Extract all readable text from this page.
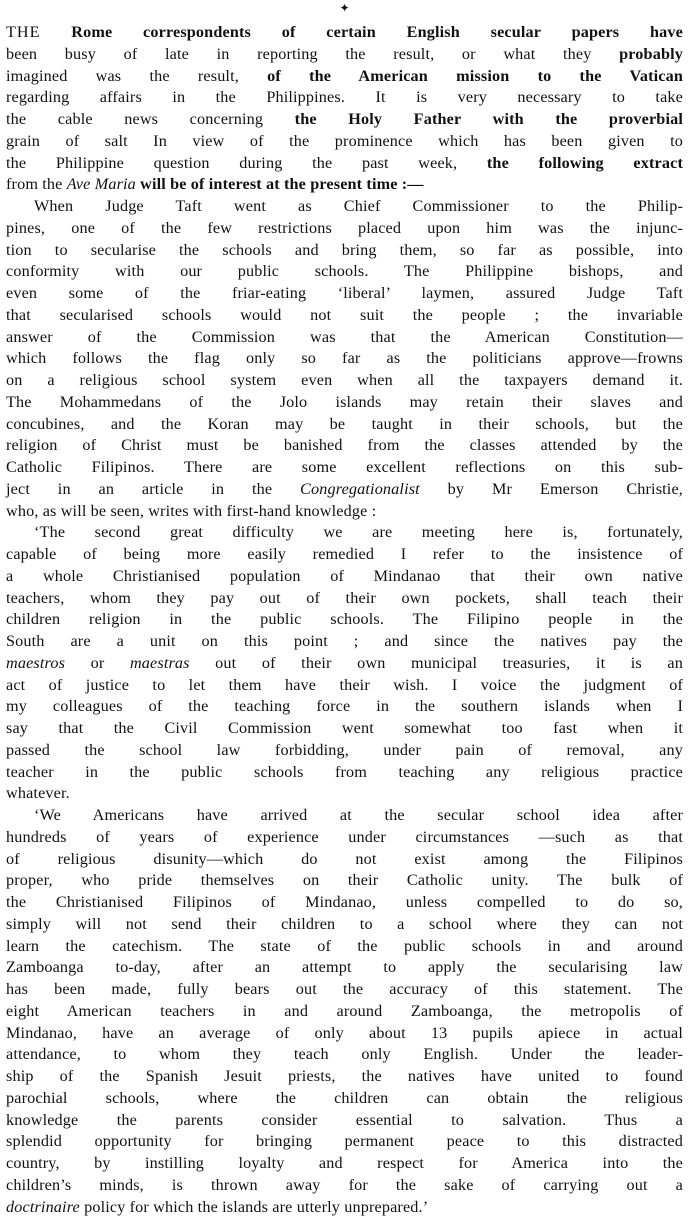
✦
THE Rome correspondents of certain English secular papers have
been busy of late in reporting the result, or what they probably
imagined was the result, of the American mission to the Vatican
regarding affairs in the Philippines. It is very necessary to take
the cable news concerning the Holy Father with the proverbial
grain of salt In view of the prominence which has been given to
the Philippine question during the past week, the following extract
from the Ave Maria will be of interest at the present time :—
When Judge Taft went as Chief Commissioner to the Philip-
pines, one of the few restrictions placed upon him was the injunc-
tion to secularise the schools and bring them, so far as possible, into
conformity with our public schools. The Philippine bishops, and
even some of the friar-eating ‘liberal’ laymen, assured Judge Taft
that secularised schools would not suit the people ; the invariable
answer of the Commission was that the American Constitution—
which follows the flag only so far as the politicians approve—frowns
on a religious school system even when all the taxpayers demand it.
The Mohammedans of the Jolo islands may retain their slaves and
concubines, and the Koran may be taught in their schools, but the
religion of Christ must be banished from the classes attended by the
Catholic Filipinos. There are some excellent reflections on this sub-
ject in an article in the Congregationalist by Mr Emerson Christie,
who, as will be seen, writes with first-hand knowledge :
‘The second great difficulty we are meeting here is, fortunately,
capable of being more easily remedied I refer to the insistence of
a whole Christianised population of Mindanao that their own native
teachers, whom they pay out of their own pockets, shall teach their
children religion in the public schools. The Filipino people in the
South are a unit on this point ; and since the natives pay the
maestros or maestras out of their own municipal treasuries, it is an
act of justice to let them have their wish. I voice the judgment of
my colleagues of the teaching force in the southern islands when I
say that the Civil Commission went somewhat too fast when it
passed the school law forbidding, under pain of removal, any
teacher in the public schools from teaching any religious practice
whatever.
‘We Americans have arrived at the secular school idea after
hundreds of years of experience under circumstances —such as that
of religious disunity—which do not exist among the Filipinos
proper, who pride themselves on their Catholic unity. The bulk of
the Christianised Filipinos of Mindanao, unless compelled to do so,
simply will not send their children to a school where they can not
learn the catechism. The state of the public schools in and around
Zamboanga to-day, after an attempt to apply the secularising law
has been made, fully bears out the accuracy of this statement. The
eight American teachers in and around Zamboanga, the metropolis of
Mindanao, have an average of only about 13 pupils apiece in actual
attendance, to whom they teach only English. Under the leader-
ship of the Spanish Jesuit priests, the natives have united to found
parochial schools, where the children can obtain the religious
knowledge the parents consider essential to salvation. Thus a
splendid opportunity for bringing permanent peace to this distracted
country, by instilling loyalty and respect for America into the
children’s minds, is thrown away for the sake of carrying out a
doctrinaire policy for which the islands are utterly unprepared.’
